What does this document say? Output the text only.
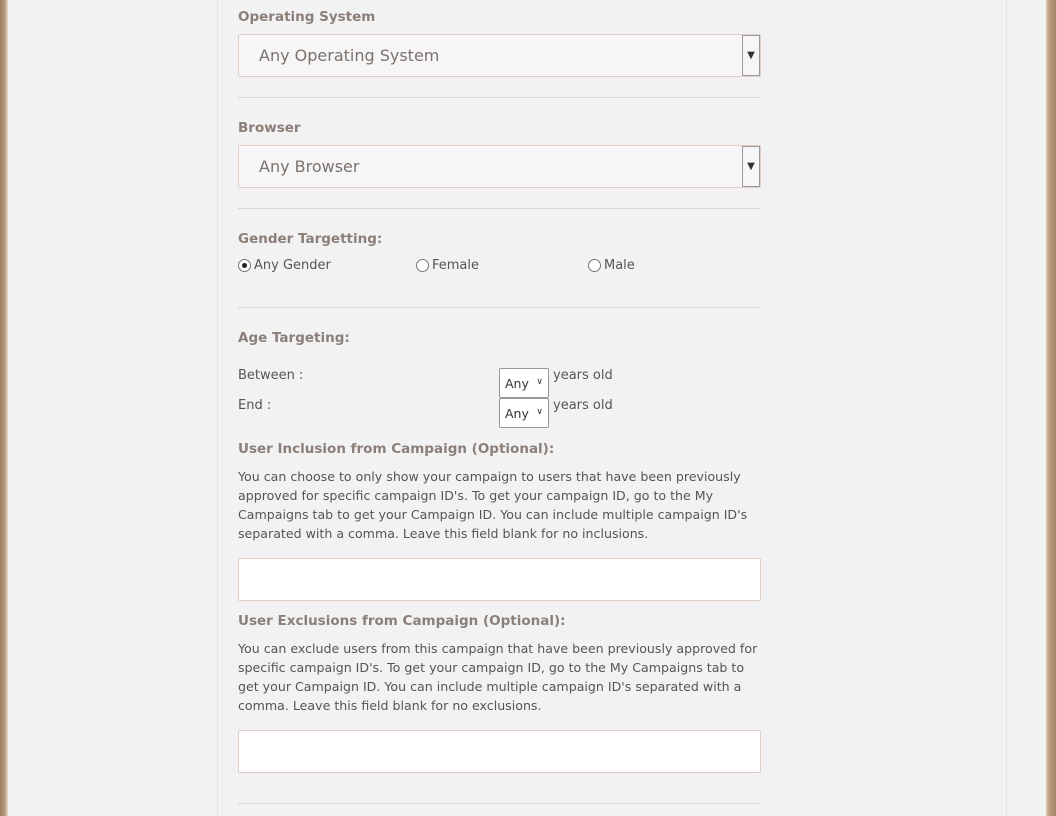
Operating System
Any Operating System	▼
Browser
Any Browser	▼
Gender Targetting:
Any Gender	Female	Male
Age Targeting:
Between :	Any ∨ years old
End :	Any ∨ years old
User Inclusion from Campaign (Optional):
You can choose to only show your campaign to users that have been previously approved for specific campaign ID's. To get your campaign ID, go to the My Campaigns tab to get your Campaign ID. You can include multiple campaign ID's separated with a comma. Leave this field blank for no inclusions.
User Exclusions from Campaign (Optional):
You can exclude users from this campaign that have been previously approved for specific campaign ID's. To get your campaign ID, go to the My Campaigns tab to get your Campaign ID. You can include multiple campaign ID's separated with a comma. Leave this field blank for no exclusions.
